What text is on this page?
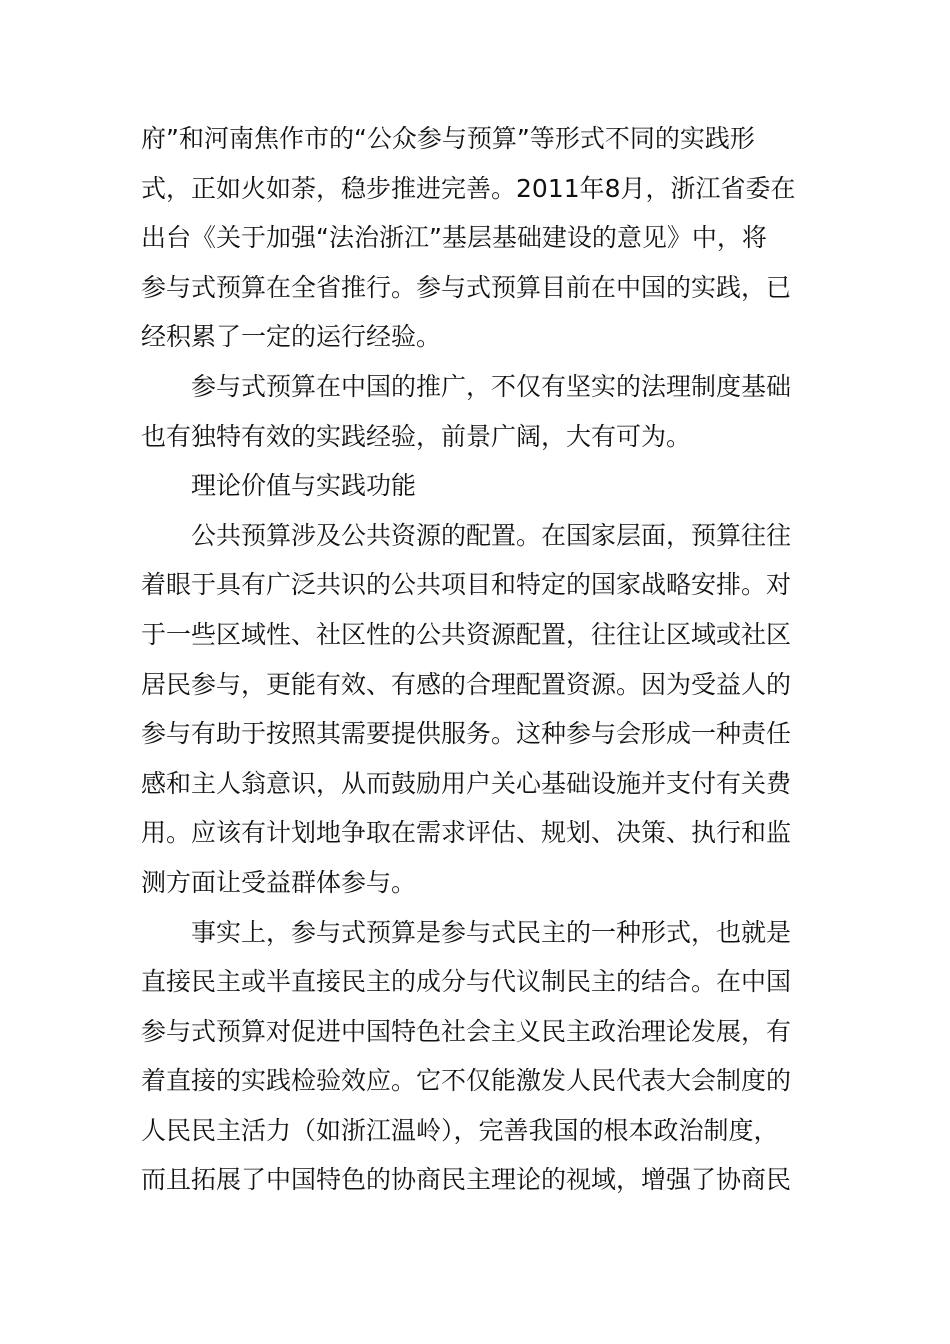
府”和河南焦作市的“公众参与预算”等形式不同的实践形
式，正如火如荼，稳步推进完善。2011年8月，浙江省委在
出台《关于加强“法治浙江”基层基础建设的意见》中，将
参与式预算在全省推行。参与式预算目前在中国的实践，已
经积累了一定的运行经验。
　　参与式预算在中国的推广，不仅有坚实的法理制度基础
也有独特有效的实践经验，前景广阔，大有可为。
　　理论价值与实践功能
　　公共预算涉及公共资源的配置。在国家层面，预算往往
着眼于具有广泛共识的公共项目和特定的国家战略安排。对
于一些区域性、社区性的公共资源配置，往往让区域或社区
居民参与，更能有效、有感的合理配置资源。因为受益人的
参与有助于按照其需要提供服务。这种参与会形成一种责任
感和主人翁意识，从而鼓励用户关心基础设施并支付有关费
用。应该有计划地争取在需求评估、规划、决策、执行和监
测方面让受益群体参与。
　　事实上，参与式预算是参与式民主的一种形式，也就是
直接民主或半直接民主的成分与代议制民主的结合。在中国
参与式预算对促进中国特色社会主义民主政治理论发展，有
着直接的实践检验效应。它不仅能激发人民代表大会制度的
人民民主活力（如浙江温岭），完善我国的根本政治制度，
而且拓展了中国特色的协商民主理论的视域，增强了协商民
